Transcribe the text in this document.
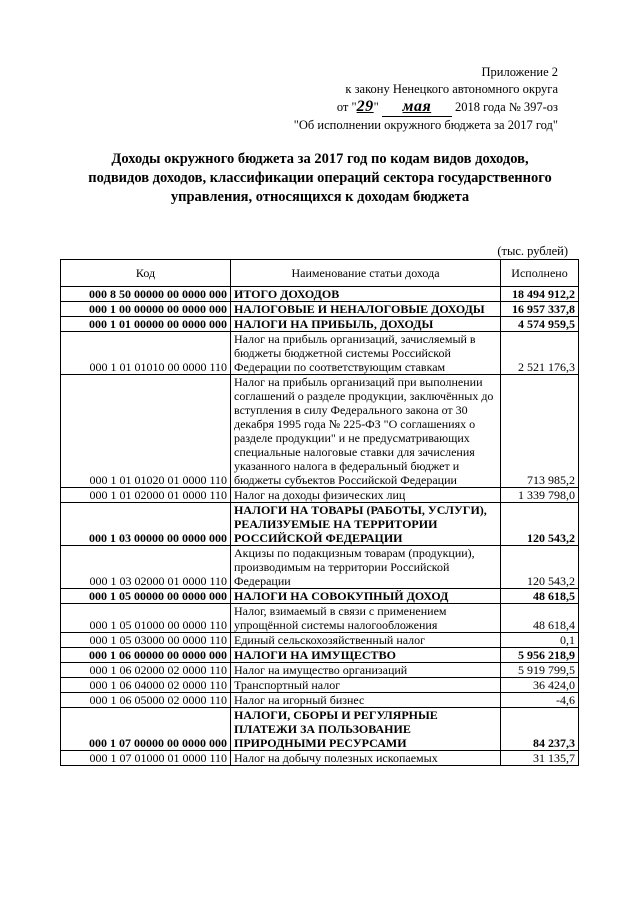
Приложение 2
к закону Ненецкого автономного округа
от "29" мая 2018 года № 397-оз
"Об исполнении окружного бюджета за 2017 год"
Доходы окружного бюджета за 2017 год по кодам видов доходов,
подвидов доходов, классификации операций сектора государственного
управления, относящихся к доходам бюджета
(тыс. рублей)
Код	Наименование статьи дохода	Исполнено
000 8 50 00000 00 0000 000	ИТОГО ДОХОДОВ	18 494 912,2
000 1 00 00000 00 0000 000	НАЛОГОВЫЕ И НЕНАЛОГОВЫЕ ДОХОДЫ	16 957 337,8
000 1 01 00000 00 0000 000	НАЛОГИ НА ПРИБЫЛЬ, ДОХОДЫ	4 574 959,5
000 1 01 01010 00 0000 110	Налог на прибыль организаций, зачисляемый в бюджеты бюджетной системы Российской Федерации по соответствующим ставкам	2 521 176,3
000 1 01 01020 01 0000 110	Налог на прибыль организаций при выполнении соглашений о разделе продукции, заключённых до вступления в силу Федерального закона от 30 декабря 1995 года № 225-ФЗ "О соглашениях о разделе продукции" и не предусматривающих специальные налоговые ставки для зачисления указанного налога в федеральный бюджет и бюджеты субъектов Российской Федерации	713 985,2
000 1 01 02000 01 0000 110	Налог на доходы физических лиц	1 339 798,0
000 1 03 00000 00 0000 000	НАЛОГИ НА ТОВАРЫ (РАБОТЫ, УСЛУГИ), РЕАЛИЗУЕМЫЕ НА ТЕРРИТОРИИ РОССИЙСКОЙ ФЕДЕРАЦИИ	120 543,2
000 1 03 02000 01 0000 110	Акцизы по подакцизным товарам (продукции), производимым на территории Российской Федерации	120 543,2
000 1 05 00000 00 0000 000	НАЛОГИ НА СОВОКУПНЫЙ ДОХОД	48 618,5
000 1 05 01000 00 0000 110	Налог, взимаемый в связи с применением упрощённой системы налогообложения	48 618,4
000 1 05 03000 00 0000 110	Единый сельскохозяйственный налог	0,1
000 1 06 00000 00 0000 000	НАЛОГИ НА ИМУЩЕСТВО	5 956 218,9
000 1 06 02000 02 0000 110	Налог на имущество организаций	5 919 799,5
000 1 06 04000 02 0000 110	Транспортный налог	36 424,0
000 1 06 05000 02 0000 110	Налог на игорный бизнес	-4,6
000 1 07 00000 00 0000 000	НАЛОГИ, СБОРЫ И РЕГУЛЯРНЫЕ ПЛАТЕЖИ ЗА ПОЛЬЗОВАНИЕ ПРИРОДНЫМИ РЕСУРСАМИ	84 237,3
000 1 07 01000 01 0000 110	Налог на добычу полезных ископаемых	31 135,7
